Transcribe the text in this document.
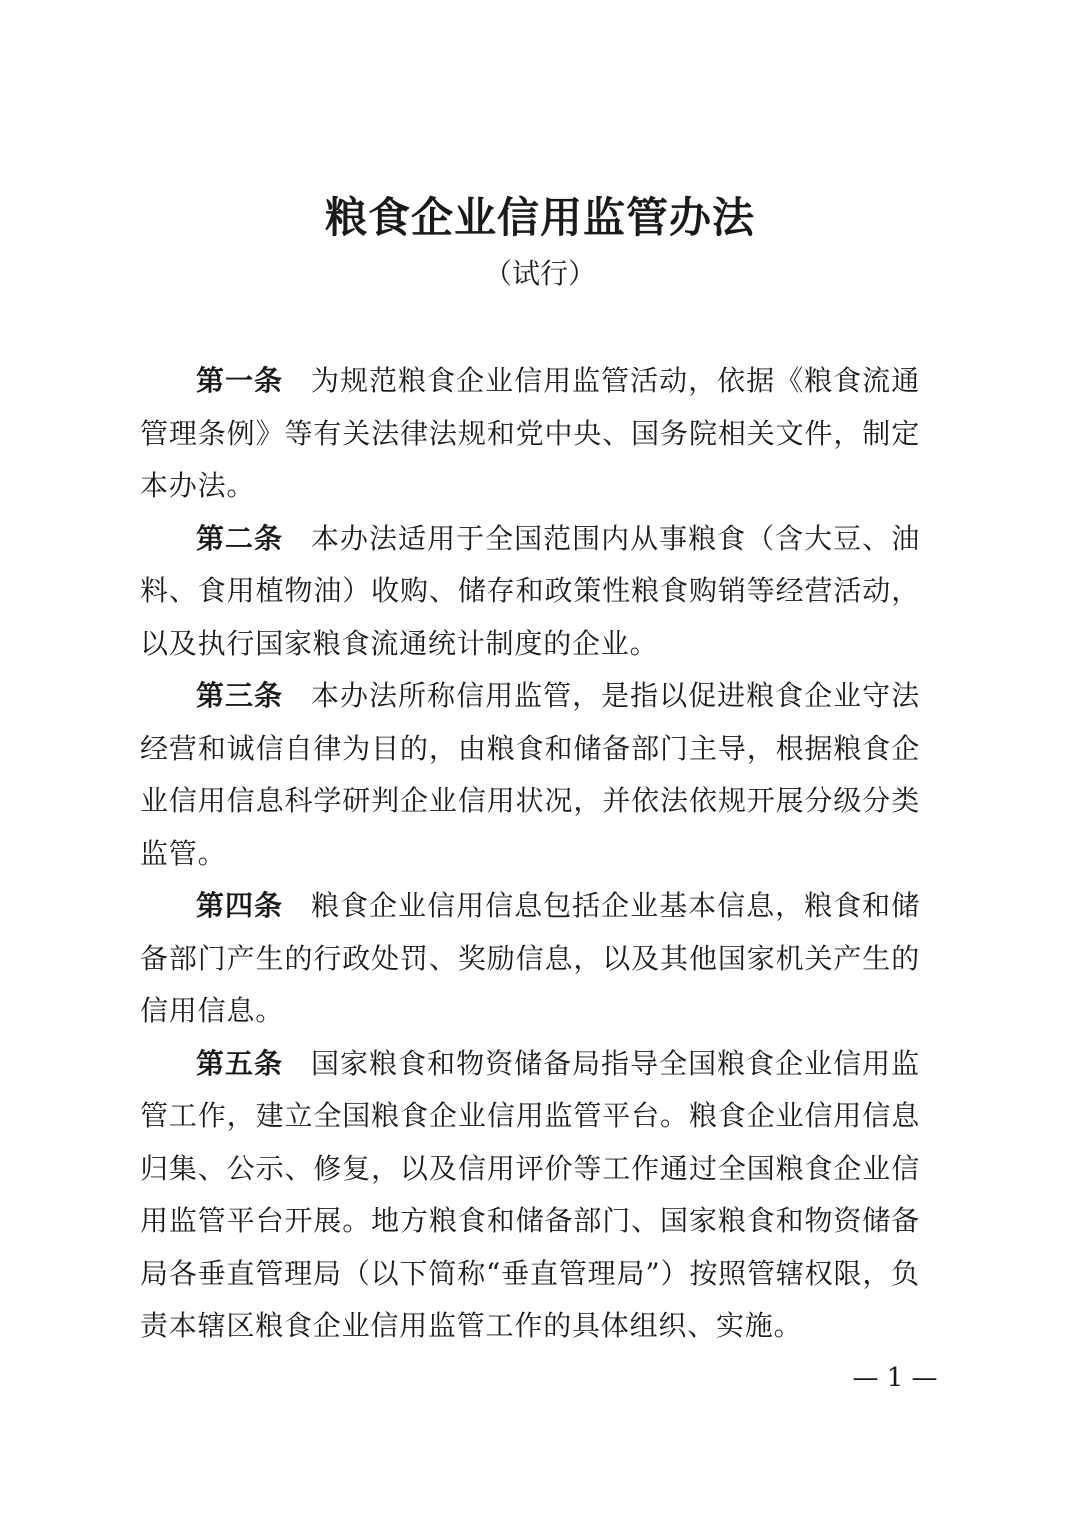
粮食企业信用监管办法
（试行）

第一条 为规范粮食企业信用监管活动，依据《粮食流通管理条例》等有关法律法规和党中央、国务院相关文件，制定本办法。

第二条 本办法适用于全国范围内从事粮食（含大豆、油料、食用植物油）收购、储存和政策性粮食购销等经营活动，以及执行国家粮食流通统计制度的企业。

第三条 本办法所称信用监管，是指以促进粮食企业守法经营和诚信自律为目的，由粮食和储备部门主导，根据粮食企业信用信息科学研判企业信用状况，并依法依规开展分级分类监管。

第四条 粮食企业信用信息包括企业基本信息，粮食和储备部门产生的行政处罚、奖励信息，以及其他国家机关产生的信用信息。

第五条 国家粮食和物资储备局指导全国粮食企业信用监管工作，建立全国粮食企业信用监管平台。粮食企业信用信息归集、公示、修复，以及信用评价等工作通过全国粮食企业信用监管平台开展。地方粮食和储备部门、国家粮食和物资储备局各垂直管理局（以下简称“垂直管理局”）按照管辖权限，负责本辖区粮食企业信用监管工作的具体组织、实施。

— 1 —
